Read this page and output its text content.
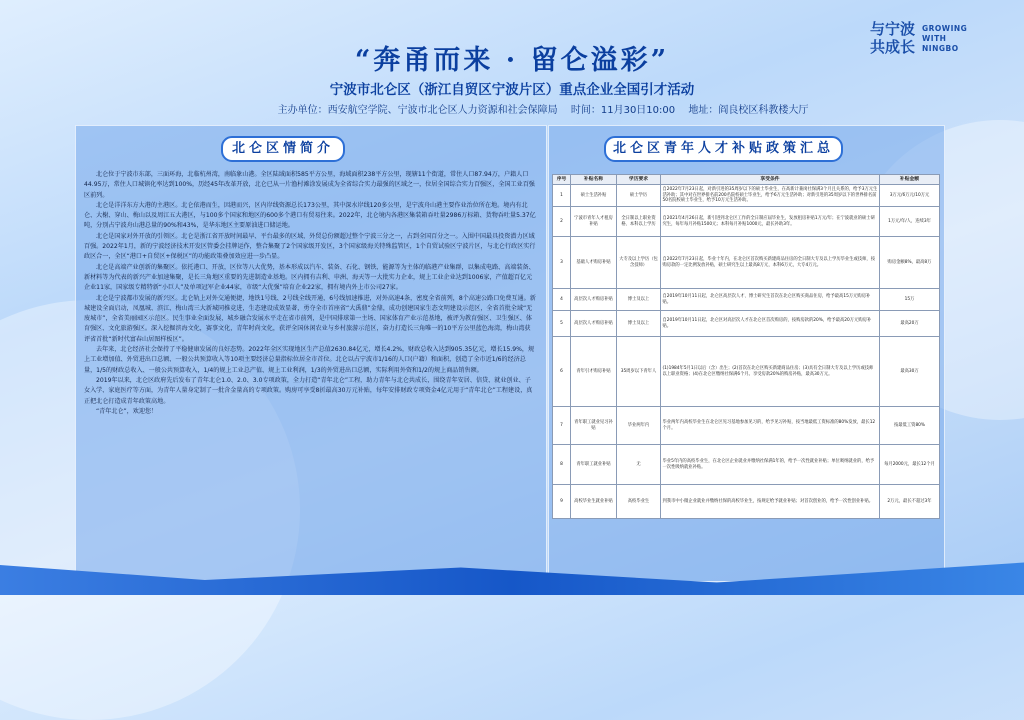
“奔甬而来 · 留仑溢彩”
宁波市北仑区（浙江自贸区宁波片区）重点企业全国引才活动
主办单位：西安航空学院、宁波市北仑区人力资源和社会保障局 时间：11月30日10:00 地址：阎良校区科教楼大厅
与宁波
共成长
GROWING
WITH
NINGBO
北仑区情简介

北仑位于宁波市东部，三面环海，北临杭州湾，南临象山港。全区陆域面积585平方公里，海域面积238平方公里，现辖11个街道，常住人口87.94万，户籍人口44.95万，常住人口城镇化率达到100%，历经45年改革开放，北仑已从一片渔村滩涂发展成为全省综合实力最强的区域之一，位居全国综合实力百强区，全国工业百强区前列。

北仑是洋洋东方大港的主港区。北仑依港而生，因港而兴，区内岸线资源总长173公里，其中深水岸线120多公里，是宁波舟山港主要作业治位所在地。境内有北仑、大榭、穿山、梅山以及周江五大港区，与100多个国家和地区的600多个港口有贸易往来。2022年，北仑境内各港区集装箱吞吐量2986万标箱、货物吞吐量5.37亿吨，分别占宁波舟山港总量的90%和43%，是华东地区主要原油进口储运地。

北仑是国家对外开放的引领区。北仑是浙江省开放时间最早、平台最多的区域，外贸总份额超过整个宁波三分之一，占到全国百分之一。入围中国最具投资潜力区域百强。2022年1月，新的宁波经济技术开发区管委会挂牌运作，整合集聚了2个国家级开发区，3个国家级海关特殊监管区，1个自贸试验区宁波片区，与北仑行政区实行政区合一，全区“港口+自贸区+保税区”的功能政策叠加效应进一步凸显。

北仑是高端产业创新的集聚区。依托港口、开放，区位等八大优势，基本形成以汽车、装备、石化、钢铁、能源等为主体的临港产业集群，以集成电路、高端装备、新材料等为代表的新兴产业加速集聚，是长三角地区重要的先进制造业基地。区内拥有吉利、申洲、海天等一大批实力企业，规上工业企业达到1006家，产值超百亿元企业11家，国家级专精特新“小巨人”及单项冠军企业44家，市级“大优强”培育企业22家，拥有境内外上市公司27家。

北仑是宁波都市发展的新兴区。北仑轨上对外交通便捷，地铁1号线、2号线全线开通，6号线加速推进，对外高速4条，密度全省前列，8个高速公路口免费互通。新城建设全面启动，凤凰城、滨江、梅山湾三大新城同推竞进，生态建设成效显著，勇夺全市首座省“大禹鼎”金鼎，成功创建国家生态文明建设示范区，全省首批全域“无废城市”，全省美丽园区示范区。民生事业全面发展，城乡融合发展水平走在省市前列，是中国排球第一主场、国家体育产业示范基地，被评为教育强区、卫生强区、体育强区、文化旅游强区。深入挖掘滨海文化，赛事文化，青年时尚文化，获评全国休闲农业与乡村旅游示范区，奋力打造长三角唯一的10平方公里蓝色海湾，梅山湾获评省首批“新时代富春山居图样板区”。

去年来，北仑经济社会保持了平稳健康发展的良好态势。2022年全区实现地区生产总值2630.84亿元，增长4.2%，财政总收入达到905.35亿元，增长15.9%，规上工业增加值、外贸进出口总额、一般公共预算收入等10项主要经济总量指标位居全市首位。北仑以占宁波市1/16的人口(户籍）和面积，创造了全市近1/6的经济总量，1/5的财政总收入、一般公共预算收入，1/4的规上工业总产值、规上工业利润，1/3的外贸进出口总额，实际利用外资和1/2的规上商品销售额。

2019年以来，北仑区政府先后发布了青年北仑1.0、2.0、3.0专项政策，全力打造“青年北仑”工程，助力青年与北仑共成长，围绕青年安居、信贷、就业创业、子女入学、家庭医疗等方面，为青年人量身定制了一批含金量高的专项政策。购房可享受8折最高30万元补贴，每年安排财政专项资金4亿元用于“青年北仑”工程建设，真正把北仑打造成青年政策高地。

“青年北仑”，欢迎您！

北仑区青年人才补贴政策汇总
序号	补贴名称	学历要求	享受条件	补贴金额
1	硕士生活补贴	硕士学历	自2022年7月23日起，对新引进的35周岁以下的硕士毕业生，在高新计兼岗社保满3个月且关系的，给予3万元生活补助；其中对在世界排名前200名院校硕士毕业生，给予6万元生活补助；对新引进的35周岁以下的世界排名前50名院校硕士毕业生，给予10万元生活补助。	3万元/6万元/10万元
2	宁波市青年人才租房补贴	全日制以上职业资格、本科以上学历	自2021年4月26日起，新引进到北仑区工作的全日制应届毕业生，发放租房补贴1万元/年；在宁波就业的硕士研究生，每年每月补贴1500元；本科每月补贴1000元，最长补助3年。	1万元/年/人，连续3年
3	基础人才购房补贴	大专及以上学历（包含技师）	自2022年7月23日起，毕业十年内，在北仑区首次购买新建商品住房的全日制大专及以上学历毕业生或技师，按购房款的一定比例发放补贴，硕士研究生以上最高8万元，本科6万元，大专4万元。	购房金额8%，最高8万
4	高层次人才购房补贴	博士及以上	自2019年10月11日起，北仑区高层次人才、博士研究生首次在北仑区购买商品住房，给予最高15万元购房补贴。	15万
5	高层次人才购房补贴	博士及以上	自2019年10月11日起，北仑区对高层次人才在北仑区首次购房的，按购房款的20%，给予最高20万元购房补贴。	最高20万
6	青年引才购房补贴	35周岁以下青年人	(1)1984年5月1日以后（含）出生；(2)首次在北仑区购买新建商品住房；(3)具有全日制大专及以上学历或技师以上职业资格；(4)在北仑区缴纳社保满6个月。享受房款20%的购房补贴，最高30万元。	最高30万
7	青年职工就业见习补贴	毕业两年内	毕业两年内高校毕业生在北仑区见习基地参加见习的，给予见习补贴，按当地最低工资标准的80%发放，最长12个月。	按最低工资80%
8	青年职工就业补贴	无	毕业5年内的高校毕业生，在北仑区企业就业并缴纳社保满1年的，给予一次性就业补贴；单位吸纳就业的，给予一次性吸纳就业补贴。	每月2000元，最长12个月
9	高校毕业生就业补贴	高校毕业生	到我市中小微企业就业并缴纳社保的高校毕业生，按规定给予就业补贴；对首次创业的，给予一次性创业补贴。	2万元，最长不超过3年
